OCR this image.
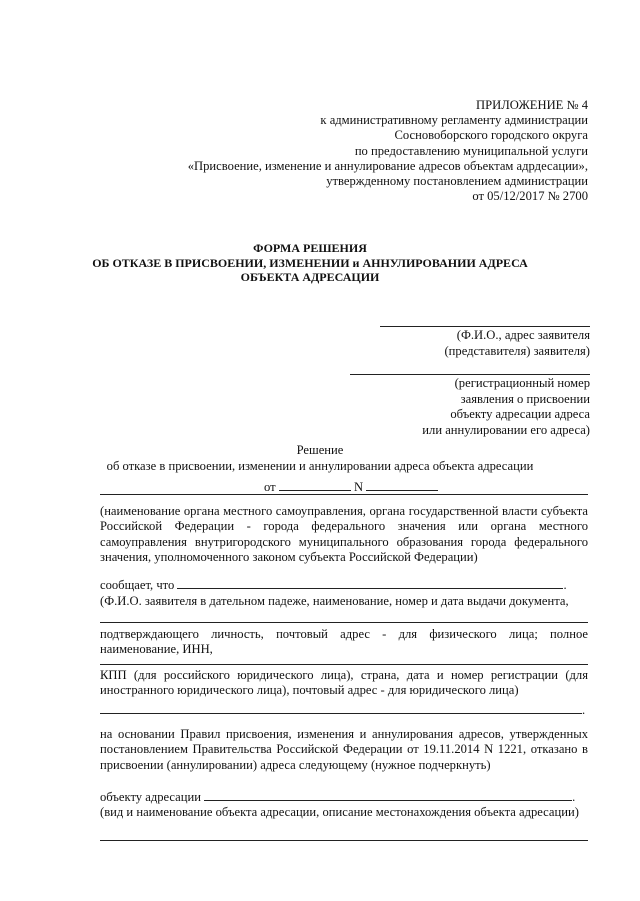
ПРИЛОЖЕНИЕ № 4
к административному регламенту администрации
Сосновоборского городского округа
по предоставлению муниципальной услуги
«Присвоение, изменение и аннулирование адресов объектам адрдесации»,
утвержденному постановлением администрации
от 05/12/2017 № 2700
ФОРМА РЕШЕНИЯ
ОБ ОТКАЗЕ В ПРИСВОЕНИИ, ИЗМЕНЕНИИ и АННУЛИРОВАНИИ АДРЕСА
ОБЪЕКТА АДРЕСАЦИИ
(Ф.И.О., адрес заявителя
(представителя) заявителя)
(регистрационный номер
заявления о присвоении
объекту адресации адреса
или аннулировании его адреса)
Решение
об отказе в присвоении, изменении и аннулировании адреса объекта адресации
от	N
(наименование органа местного самоуправления, органа государственной власти субъекта Российской Федерации - города федерального значения или органа местного самоуправления внутригородского муниципального образования города федерального значения, уполномоченного законом субъекта Российской Федерации)
сообщает, что	.
(Ф.И.О. заявителя в дательном падеже, наименование, номер и дата выдачи документа,
подтверждающего личность, почтовый адрес - для физического лица; полное наименование, ИНН,
КПП (для российского юридического лица), страна, дата и номер регистрации (для иностранного юридического лица), почтовый адрес - для юридического лица)
.
на основании Правил присвоения, изменения и аннулирования адресов, утвержденных постановлением Правительства Российской Федерации от 19.11.2014 N 1221, отказано в присвоении (аннулировании) адреса следующему (нужное подчеркнуть)
объекту адресации	.
(вид и наименование объекта адресации, описание местонахождения объекта адресации)
